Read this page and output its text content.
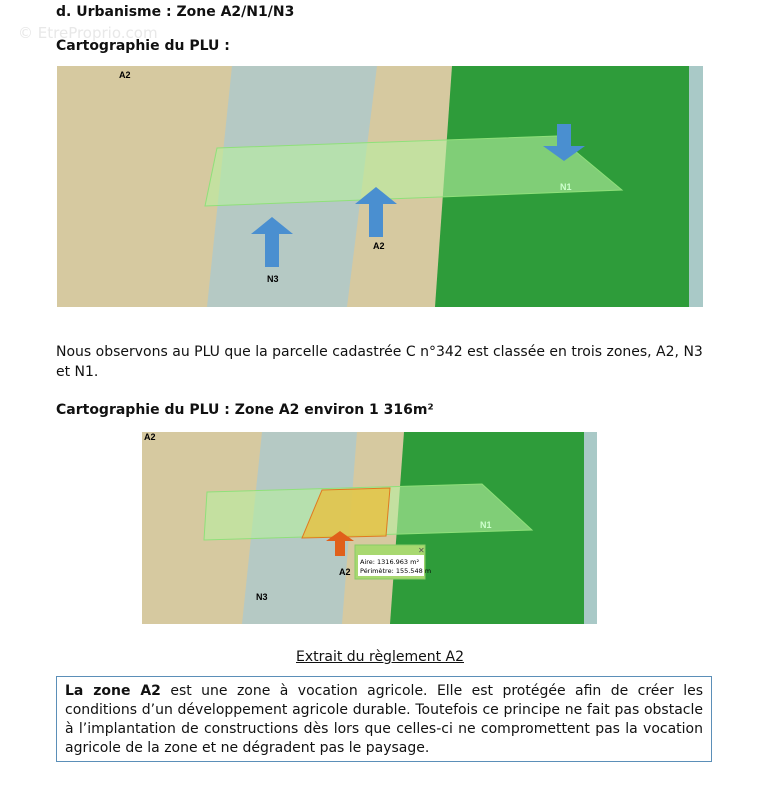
© EtreProprio.com
d. Urbanisme : Zone A2/N1/N3
Cartographie du PLU :
A2
N3
A2
N1
Nous observons au PLU que la parcelle cadastrée C n°342 est classée en trois zones, A2, N3 et N1.
Cartographie du PLU : Zone A2 environ 1 316m²
✕
Aire: 1316.963 m²
Périmètre: 155.548 m
A2
N3
A2
N1
Extrait du règlement A2
La zone A2 est une zone à vocation agricole. Elle est protégée afin de créer les conditions d’un développement agricole durable. Toutefois ce principe ne fait pas obstacle à l’implantation de constructions dès lors que celles-ci ne compromettent pas la vocation agricole de la zone et ne dégradent pas le paysage.
